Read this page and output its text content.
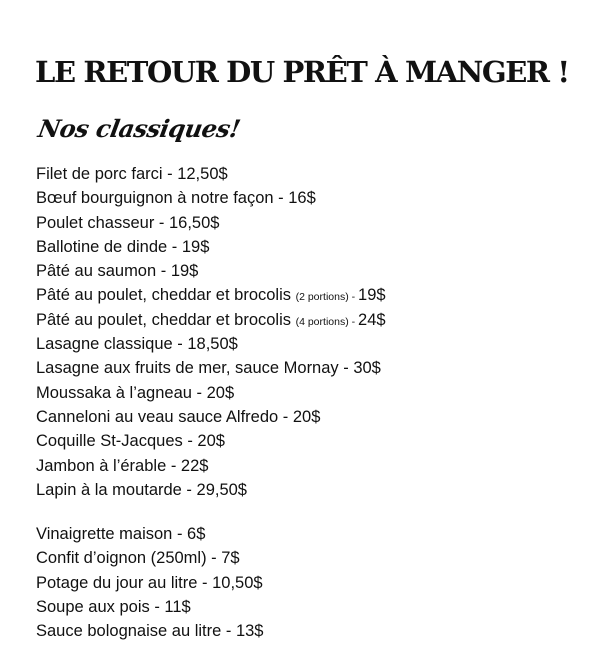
LE RETOUR DU PRÊT À MANGER !
Nos classiques!
Filet de porc farci - 12,50$
Bœuf bourguignon à notre façon - 16$
Poulet chasseur - 16,50$
Ballotine de dinde - 19$
Pâté au saumon - 19$
Pâté au poulet, cheddar et brocolis (2 portions) - 19$
Pâté au poulet, cheddar et brocolis (4 portions) - 24$
Lasagne classique - 18,50$
Lasagne aux fruits de mer, sauce Mornay - 30$
Moussaka à l’agneau - 20$
Canneloni au veau sauce Alfredo - 20$
Coquille St-Jacques - 20$
Jambon à l’érable - 22$
Lapin à la moutarde - 29,50$
Vinaigrette maison - 6$
Confit d’oignon (250ml) - 7$
Potage du jour au litre - 10,50$
Soupe aux pois - 11$
Sauce bolognaise au litre - 13$
